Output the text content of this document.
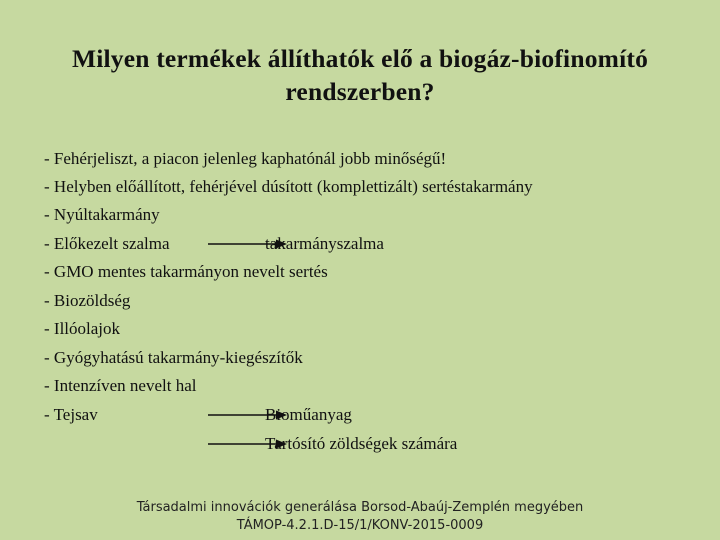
Milyen termékek állíthatók elő a biogáz-biofinomító
rendszerben?
- Fehérjeliszt, a piacon jelenleg kaphatónál jobb minőségű!
- Helyben előállított, fehérjével dúsított (komplettizált) sertéstakarmány
- Nyúltakarmány
- Előkezelt szalma	takarmányszalma
- GMO mentes takarmányon nevelt sertés
- Biozöldség
- Illóolajok
- Gyógyhatású takarmány-kiegészítők
- Intenzíven nevelt hal
- Tejsav	Bioműanyag
Tartósító zöldségek számára
Társadalmi innovációk generálása Borsod-Abaúj-Zemplén megyében
TÁMOP-4.2.1.D-15/1/KONV-2015-0009
